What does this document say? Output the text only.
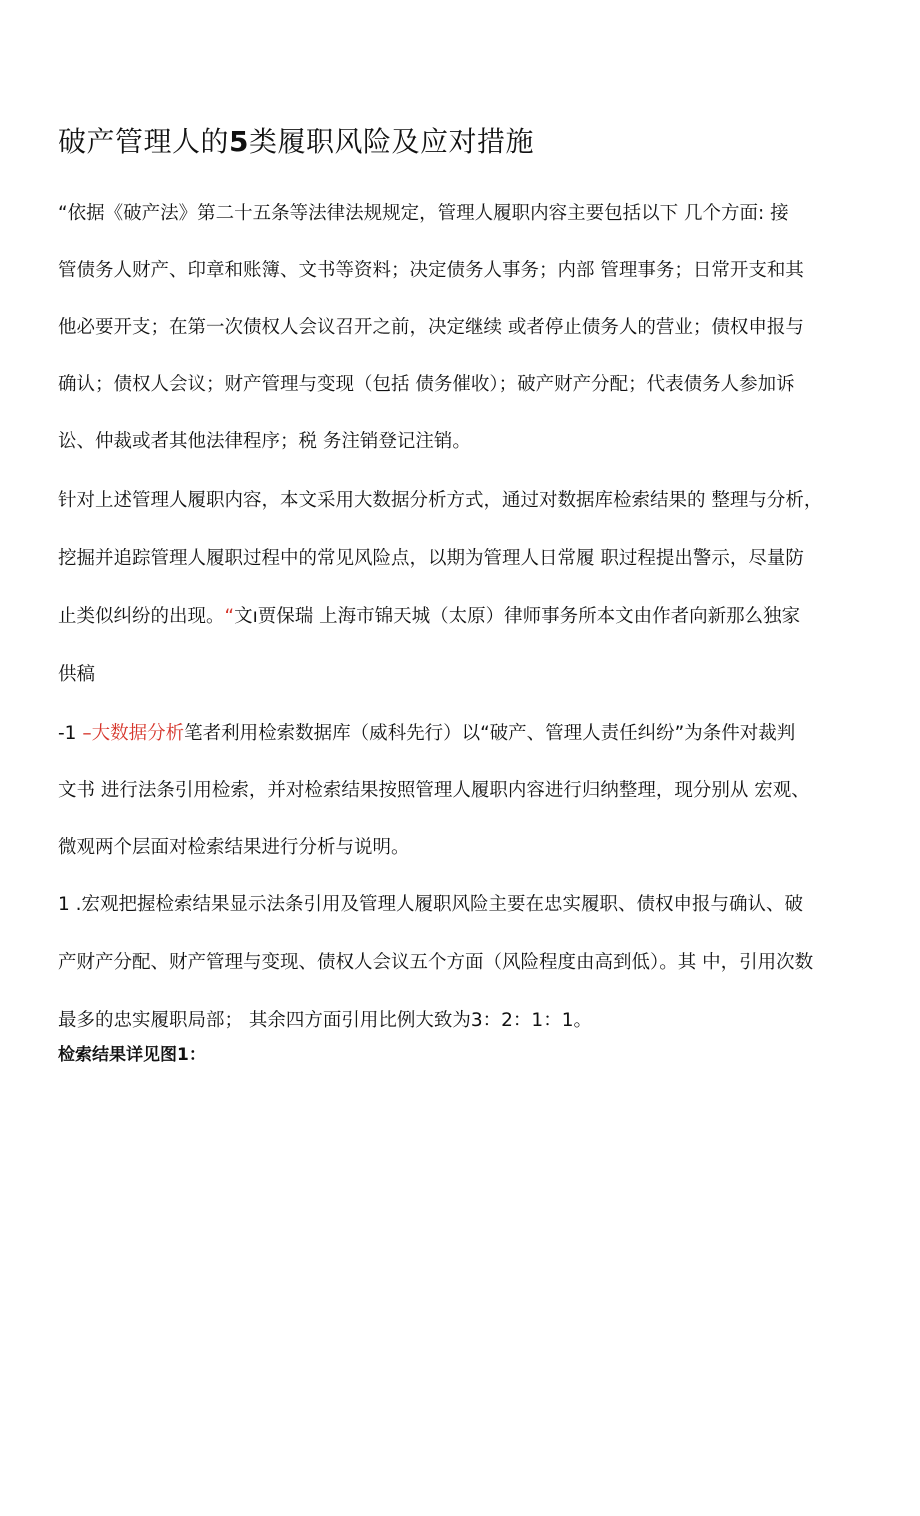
破产管理人的5类履职风险及应对措施
“依据《破产法》第二十五条等法律法规规定，管理人履职内容主要包括以下 几个方面: 接
管债务人财产、印章和账簿、文书等资料；决定债务人事务；内部 管理事务；日常开支和其
他必要开支；在第一次债权人会议召开之前，决定继续 或者停止债务人的营业；债权申报与
确认；债权人会议；财产管理与变现（包括 债务催收）；破产财产分配；代表债务人参加诉
讼、仲裁或者其他法律程序；税 务注销登记注销。
针对上述管理人履职内容，本文采用大数据分析方式，通过对数据库检索结果的 整理与分析，
挖掘并追踪管理人履职过程中的常见风险点，以期为管理人日常履 职过程提出警示，尽量防
止类似纠纷的出现。“文ı贾保瑞 上海市锦天城（太原）律师事务所本文由作者向新那么独家
供稿
-1 –大数据分析笔者利用检索数据库（威科先行）以“破产、管理人责任纠纷”为条件对裁判
文书 进行法条引用检索，并对检索结果按照管理人履职内容进行归纳整理，现分别从 宏观、
微观两个层面对检索结果进行分析与说明。
1 .宏观把握检索结果显示法条引用及管理人履职风险主要在忠实履职、债权申报与确认、破
产财产分配、财产管理与变现、债权人会议五个方面（风险程度由高到低）。其 中，引用次数
最多的忠实履职局部； 其余四方面引用比例大致为3：2：1：1。
检索结果详见图1：
